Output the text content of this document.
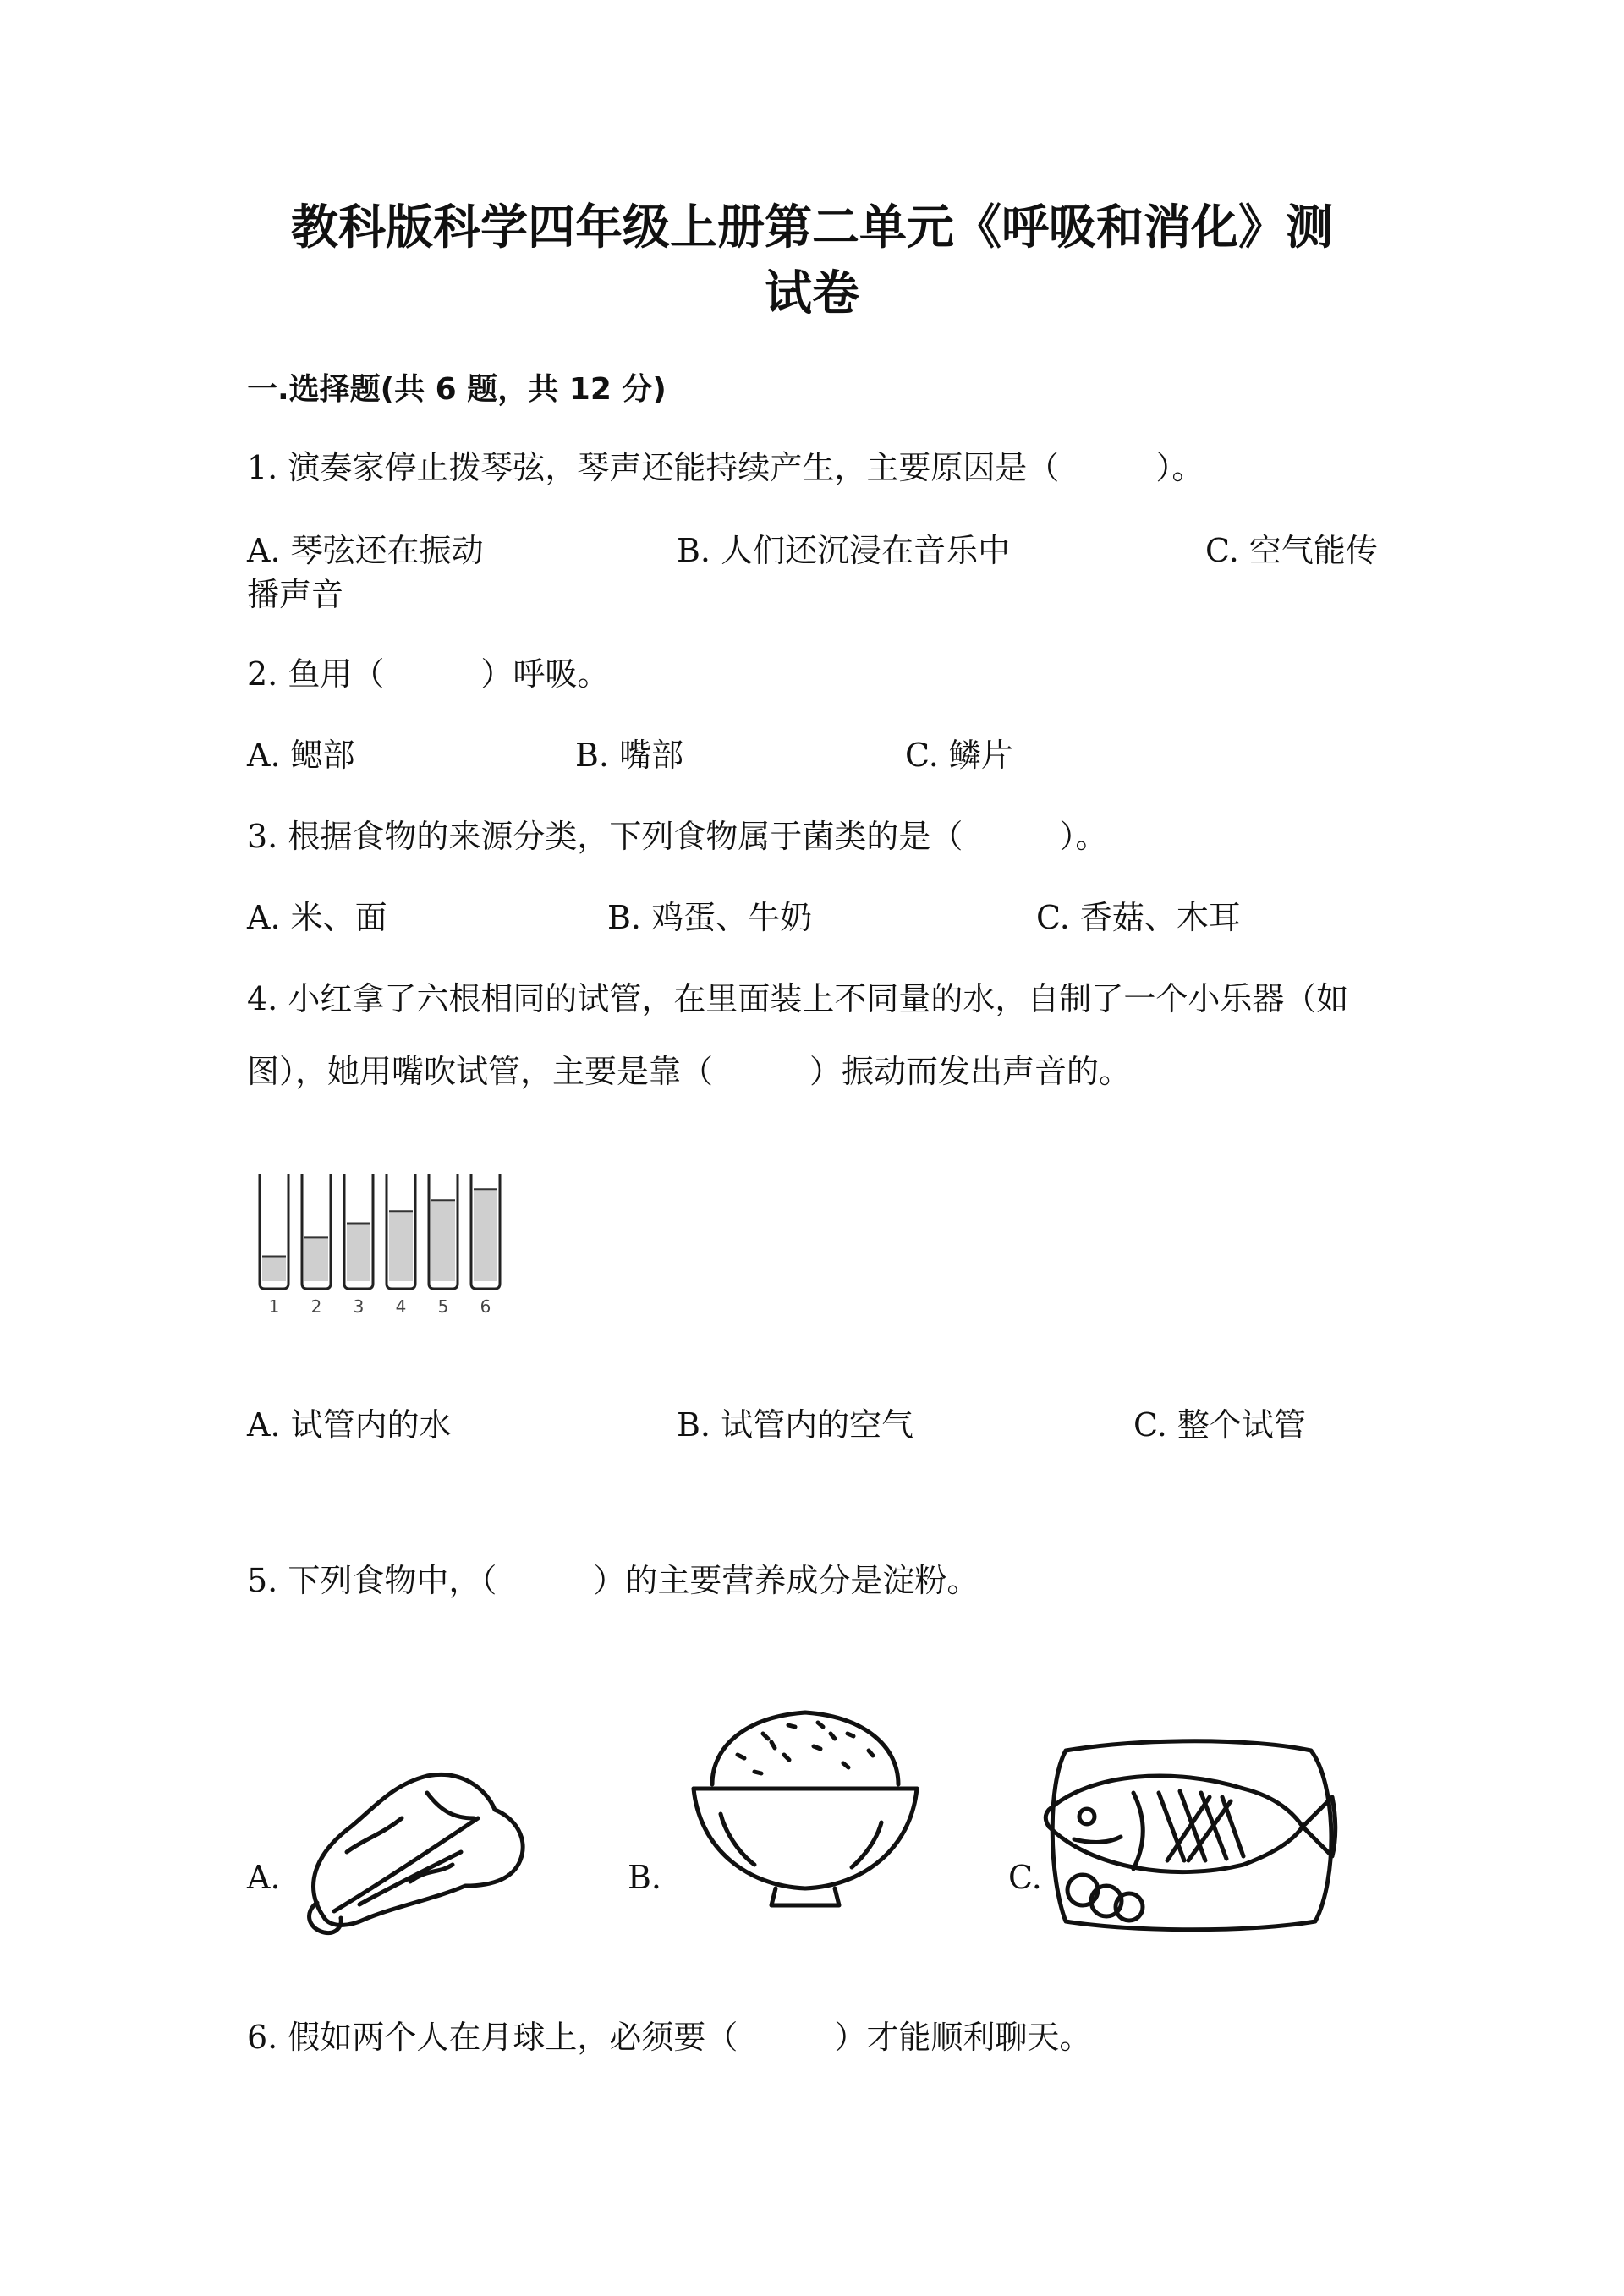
教科版科学四年级上册第二单元《呼吸和消化》测
试卷
一.选择题(共 6 题，共 12 分)
1. 演奏家停止拨琴弦，琴声还能持续产生，主要原因是（　　　）。
A. 琴弦还在振动	B. 人们还沉浸在音乐中	C. 空气能传
播声音
2. 鱼用（　　　）呼吸。
A. 鳃部	B. 嘴部	C. 鳞片
3. 根据食物的来源分类，下列食物属于菌类的是（　　　）。
A. 米、面	B. 鸡蛋、牛奶	C. 香菇、木耳
4. 小红拿了六根相同的试管，在里面装上不同量的水，自制了一个小乐器（如
图），她用嘴吹试管，主要是靠（　　　）振动而发出声音的。
1 2 3 4 5 6
A. 试管内的水	B. 试管内的空气	C. 整个试管
5. 下列食物中，（　　　）的主要营养成分是淀粉。
A.	B.	C.
6. 假如两个人在月球上，必须要（　　　）才能顺利聊天。
